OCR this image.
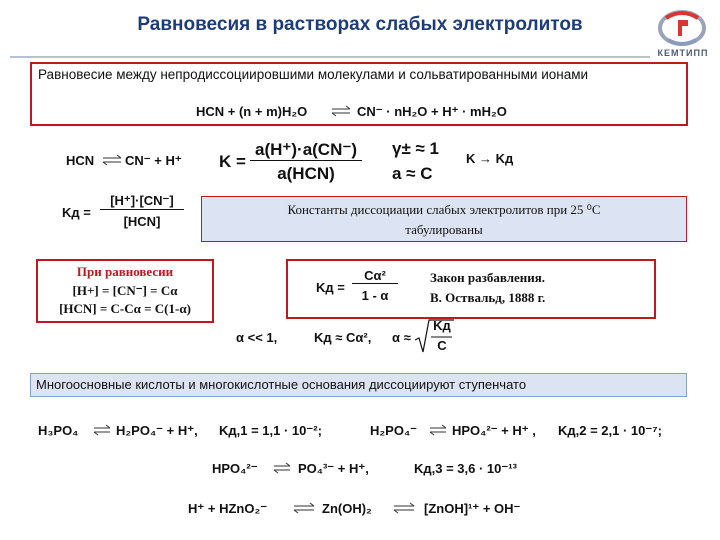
Равновесия в растворах слабых электролитов
КЕМТИПП
Равновесие между непродиссоциировшими молекулами и сольватированными ионами
HCN + (n + m)H₂O ⇌ CN⁻ · nH₂O + H⁺ · mH₂O
HCN ⇌ CN⁻ + H⁺ K =
a(H⁺)·a(CN⁻)
a(HCN)
γ± ≈ 1
a ≈ C
K → Kд
Kд =
[H⁺]·[CN⁻]
[HCN]
Константы диссоциации слабых электролитов при 25 ⁰С
табулированы
При равновесии
[H+] = [CN⁻] = Cα
[HCN] = C-Cα = C(1-α)
Kд =
Cα²
1 - α
Закон разбавления.
В. Оствальд, 1888 г.
α << 1,	Kд ≈ Cα², α ≈
Kд
C
Многоосновные кислоты и многокислотные основания диссоциируют ступенчато
H₃PO₄ ⇌ H₂PO₄⁻ + H⁺, Kд,1 = 1,1 · 10⁻²;	H₂PO₄⁻ ⇌ HPO₄²⁻ + H⁺ , Kд,2 = 2,1 · 10⁻⁷;
HPO₄²⁻ ⇌ PO₄³⁻ + H⁺,	Kд,3 = 3,6 · 10⁻¹³
H⁺ + HZnO₂⁻ ⇌ Zn(OH)₂ ⇌ [ZnOH]¹⁺ + OH⁻
